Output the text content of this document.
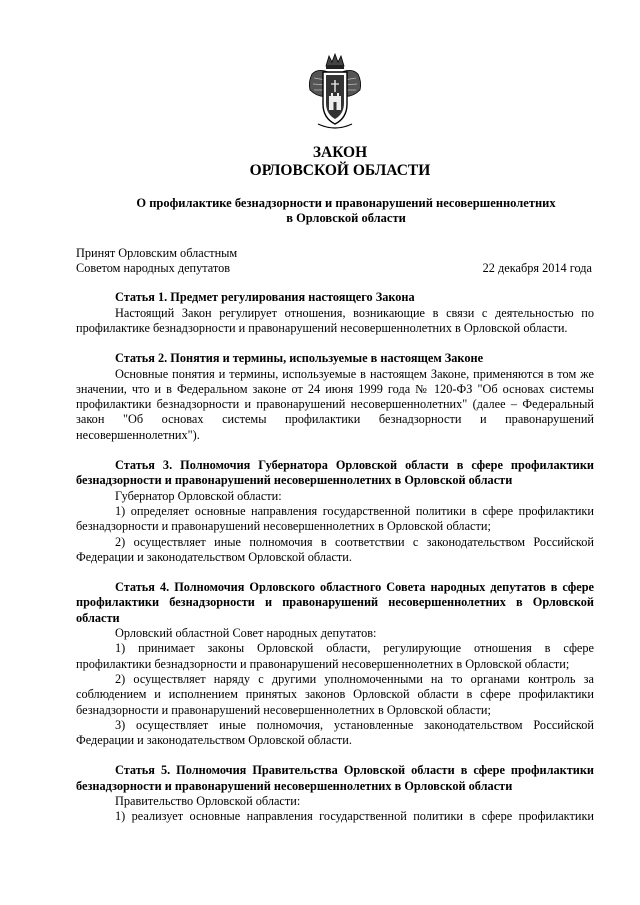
ЗАКОН
ОРЛОВСКОЙ ОБЛАСТИ
О профилактике безнадзорности и правонарушений несовершеннолетних
в Орловской области
Принят Орловским областным
Советом народных депутатов	22 декабря 2014 года
Статья 1. Предмет регулирования настоящего Закона
Настоящий Закон регулирует отношения, возникающие в связи с деятельностью по профилактике безнадзорности и правонарушений несовершеннолетних в Орловской области.
Статья 2. Понятия и термины, используемые в настоящем Законе
Основные понятия и термины, используемые в настоящем Законе, применяются в том же значении, что и в Федеральном законе от 24 июня 1999 года № 120-ФЗ "Об основах системы профилактики безнадзорности и правонарушений несовершеннолетних" (далее – Федеральный закон "Об основах системы профилактики безнадзорности и правонарушений несовершеннолетних").
Статья 3. Полномочия Губернатора Орловской области в сфере профилактики безнадзорности и правонарушений несовершеннолетних в Орловской области
Губернатор Орловской области:
1) определяет основные направления государственной политики в сфере профилактики безнадзорности и правонарушений несовершеннолетних в Орловской области;
2) осуществляет иные полномочия в соответствии с законодательством Российской Федерации и законодательством Орловской области.
Статья 4. Полномочия Орловского областного Совета народных депутатов в сфере профилактики безнадзорности и правонарушений несовершеннолетних в Орловской области
Орловский областной Совет народных депутатов:
1) принимает законы Орловской области, регулирующие отношения в сфере профилактики безнадзорности и правонарушений несовершеннолетних в Орловской области;
2) осуществляет наряду с другими уполномоченными на то органами контроль за соблюдением и исполнением принятых законов Орловской области в сфере профилактики безнадзорности и правонарушений несовершеннолетних в Орловской области;
3) осуществляет иные полномочия, установленные законодательством Российской Федерации и законодательством Орловской области.
Статья 5. Полномочия Правительства Орловской области в сфере профилактики безнадзорности и правонарушений несовершеннолетних в Орловской области
Правительство Орловской области:
1) реализует основные направления государственной политики в сфере профилактики
